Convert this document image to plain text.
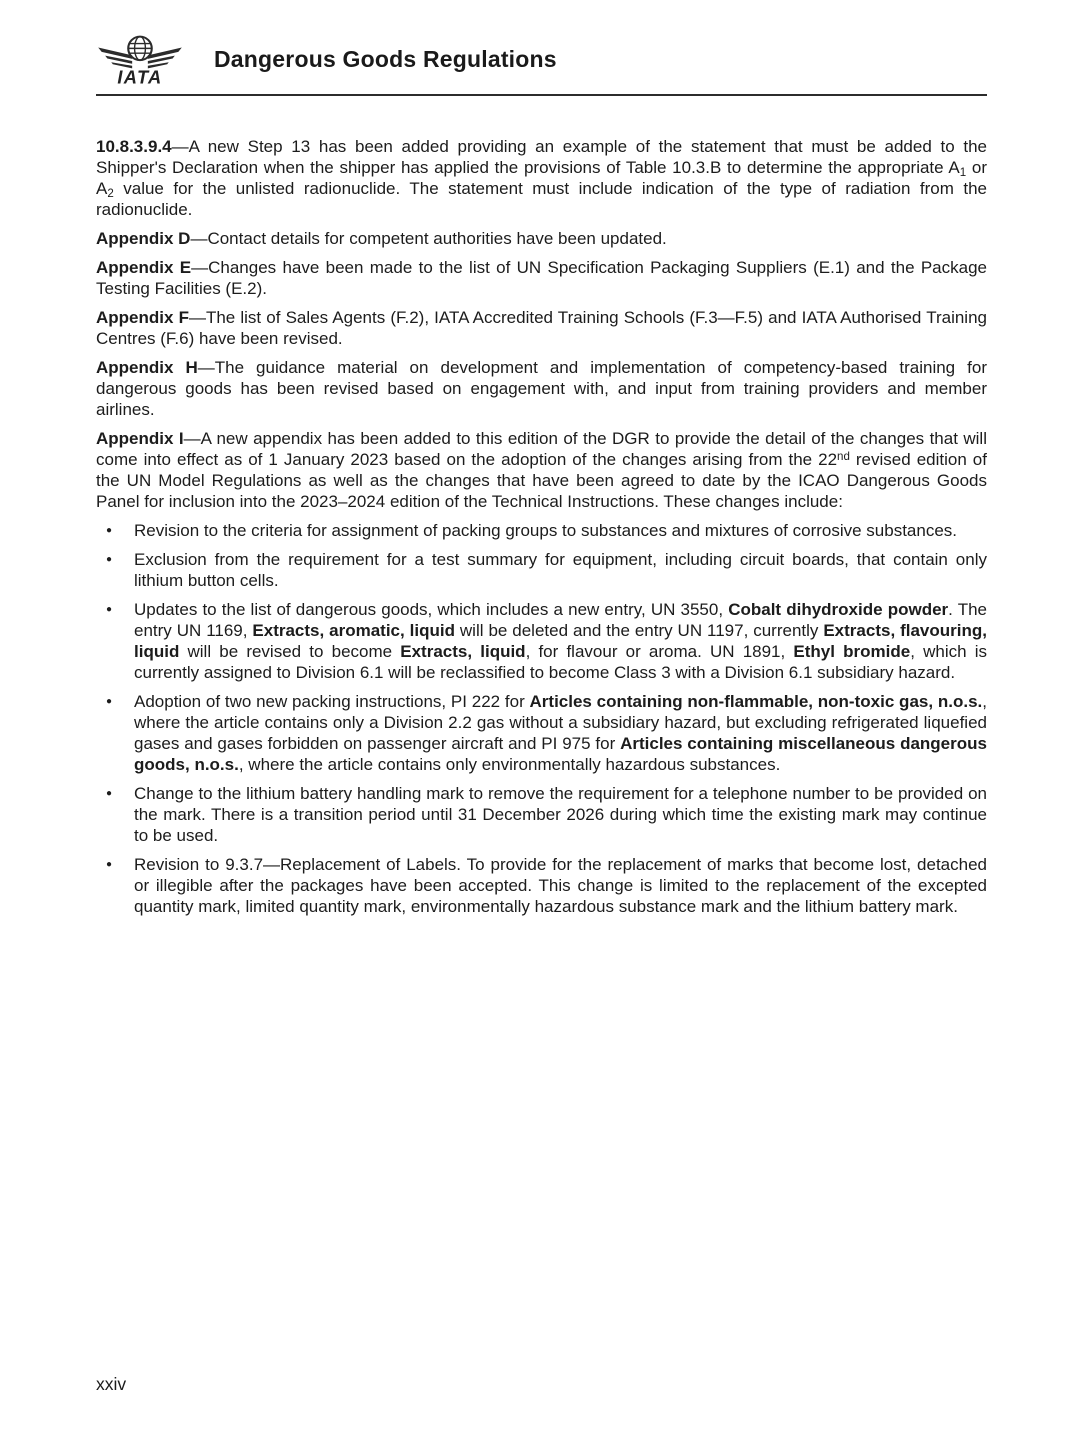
IATA
Dangerous Goods Regulations

10.8.3.9.4—A new Step 13 has been added providing an example of the statement that must be added to the Shipper's Declaration when the shipper has applied the provisions of Table 10.3.B to determine the appropriate $A_1$ or $A_2$ value for the unlisted radionuclide. The statement must include indication of the type of radiation from the radionuclide.

Appendix D—Contact details for competent authorities have been updated.

Appendix E—Changes have been made to the list of UN Specification Packaging Suppliers (E.1) and the Package Testing Facilities (E.2).

Appendix F—The list of Sales Agents (F.2), IATA Accredited Training Schools (F.3—F.5) and IATA Authorised Training Centres (F.6) have been revised.

Appendix H—The guidance material on development and implementation of competency-based training for dangerous goods has been revised based on engagement with, and input from training providers and member airlines.

Appendix I—A new appendix has been added to this edition of the DGR to provide the detail of the changes that will come into effect as of 1 January 2023 based on the adoption of the changes arising from the 22nd revised edition of the UN Model Regulations as well as the changes that have been agreed to date by the ICAO Dangerous Goods Panel for inclusion into the 2023–2024 edition of the Technical Instructions. These changes include:

●	Revision to the criteria for assignment of packing groups to substances and mixtures of corrosive substances.

●	Exclusion from the requirement for a test summary for equipment, including circuit boards, that contain only lithium button cells.

●	Updates to the list of dangerous goods, which includes a new entry, UN 3550, Cobalt dihydroxide powder. The entry UN 1169, Extracts, aromatic, liquid will be deleted and the entry UN 1197, currently Extracts, flavouring, liquid will be revised to become Extracts, liquid, for flavour or aroma. UN 1891, Ethyl bromide, which is currently assigned to Division 6.1 will be reclassified to become Class 3 with a Division 6.1 subsidiary hazard.

●	Adoption of two new packing instructions, PI 222 for Articles containing non-flammable, non-toxic gas, n.o.s., where the article contains only a Division 2.2 gas without a subsidiary hazard, but excluding refrigerated liquefied gases and gases forbidden on passenger aircraft and PI 975 for Articles containing miscellaneous dangerous goods, n.o.s., where the article contains only environmentally hazardous substances.

●	Change to the lithium battery handling mark to remove the requirement for a telephone number to be provided on the mark. There is a transition period until 31 December 2026 during which time the existing mark may continue to be used.

●	Revision to 9.3.7—Replacement of Labels. To provide for the replacement of marks that become lost, detached or illegible after the packages have been accepted. This change is limited to the replacement of the excepted quantity mark, limited quantity mark, environmentally hazardous substance mark and the lithium battery mark.

xxiv
